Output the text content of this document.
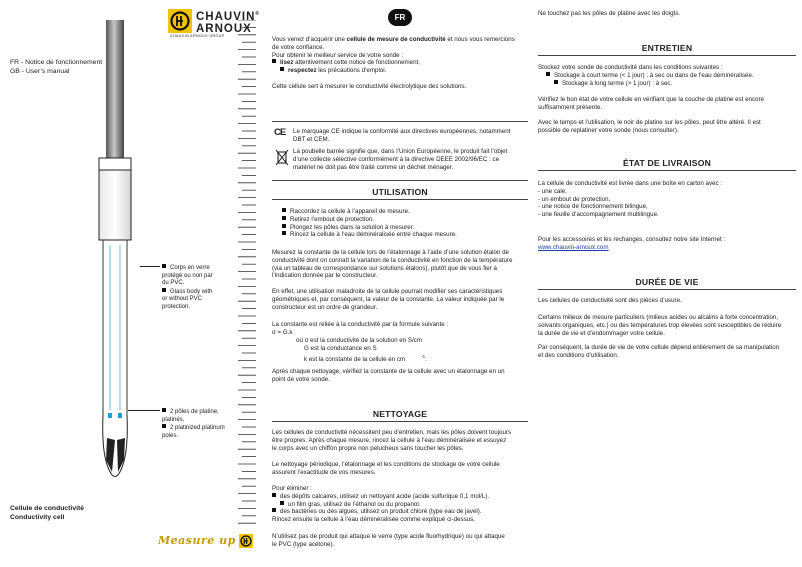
FR - Notice de fonctionnement
GB - User’s manual
Corps en verre
protégé ou non par
du PVC.
Glass body with
or without PVC
protection.
2 pôles de platine,
platinés.
2 platinized platinum
poles.
Cellule de conductivité
Conductivity cell
CHAUVIN®
ARNOUX
CHAUVIN ARNOUX GROUP
Measure up
FR
Vous venez d’acquérir une cellule de mesure de conductivité et nous vous remercions
de votre confiance.
Pour obtenir le meilleur service de votre sonde :
lisez attentivement cette notice de fonctionnement,
respectez les précautions d’emploi.
Cette cellule sert à mesurer le conductivité électrolytique des solutions.
CE	Le marquage CE indique la conformité aux directives européennes, notamment
DBT et CEM.
La poubelle barrée signifie que, dans l’Union Européenne, le produit fait l’objet
d’une collecte sélective conformément à la directive DEEE 2002/96/EC : ce
matériel ne doit pas être traité comme un déchet ménager.
UTILISATION
Raccordez la cellule à l’appareil de mesure.
Retirez l’embout de protection.
Plongez les pôles dans la solution à mesurer.
Rincez la cellule à l’eau déminéralisée entre chaque mesure.
Mesurez la constante de la cellule lors de l’étalonnage à l’aide d’une solution étalon de
conductivité dont on connaît la variation de la conductivité en fonction de la température
(via un tableau de correspondance sur solutions étalons), plutôt que de vous fier à
l’indication donnée par le constructeur.
En effet, une utilisation maladroite de la cellule pourrait modifier ses caractéristiques
géométriques et, par conséquent, la valeur de la constante. La valeur indiquée par le
constructeur est un ordre de grandeur.
La constante est reliée à la conductivité par la formule suivante :
σ = G.k
où σ est la conductivité de la solution en S/cm
G est la conductance en S
k est la constante de la cellule en cm	$^{-1}$.
Après chaque nettoyage, vérifiez la constante de la cellule avec un étalonnage en un
point de votre sonde.
NETTOYAGE
Les cellules de conductivité nécessitent peu d’entretien, mais les pôles doivent toujours
être propres. Après chaque mesure, rincez la cellule à l’eau déminéralisée et essuyez
le corps avec un chiffon propre non pelucheux sans toucher les pôles.
Le nettoyage périodique, l’étalonnage et les conditions de stockage de votre cellule
assurent l’exactitude de vos mesures.
Pour éliminer :
des dépôts calcaires, utilisez un nettoyant acide (acide sulfurique 0,1 mol/L).
un film gras, utilisez de l’éthanol ou du propanol.
des bactéries ou des algues, utilisez un produit chloré (type eau de javel).
Rincez ensuite la cellule à l’eau déminéralisée comme expliqué ci-dessus.
N’utilisez pas de produit qui attaque le verre (type acide fluorhydrique) ou qui attaque
le PVC (type acétone).
Ne touchez pas les pôles de platine avec les doigts.
ENTRETIEN
Stockez votre sonde de conductivité dans les conditions suivantes :
Stockage à court terme (< 1 jour) : à sec ou dans de l’eau déminéralisée.
Stockage à long terme (> 1 jour) : à sec.
Vérifiez le bon état de votre cellule en vérifiant que la couche de platine est encore
suffisamment présente.
Avec le temps et l’utilisation, le noir de platine sur les pôles, peut être altéré. Il est
possible de replatiner votre sonde (nous consulter).
ÉTAT DE LIVRAISON
La cellule de conductivité est livrée dans une boîte en carton avec :
- une cale,
- un embout de protection,
- une notice de fonctionnement bilingue,
- une feuille d’accompagnement multilingue.
Pour les accessoires et les rechanges, consultez notre site Internet :
www.chauvin-arnoux.com
DURÉE DE VIE
Les cellules de conductivité sont des pièces d’usure.
Certains milieux de mesure particuliers (milieux acides ou alcalins à forte concentration,
solvants organiques, etc.) ou des températures trop élevées sont susceptibles de réduire
la durée de vie et d’endommager votre cellule.
Par conséquent, la durée de vie de votre cellule dépend entièrement de sa manipulation
et des conditions d’utilisation.
